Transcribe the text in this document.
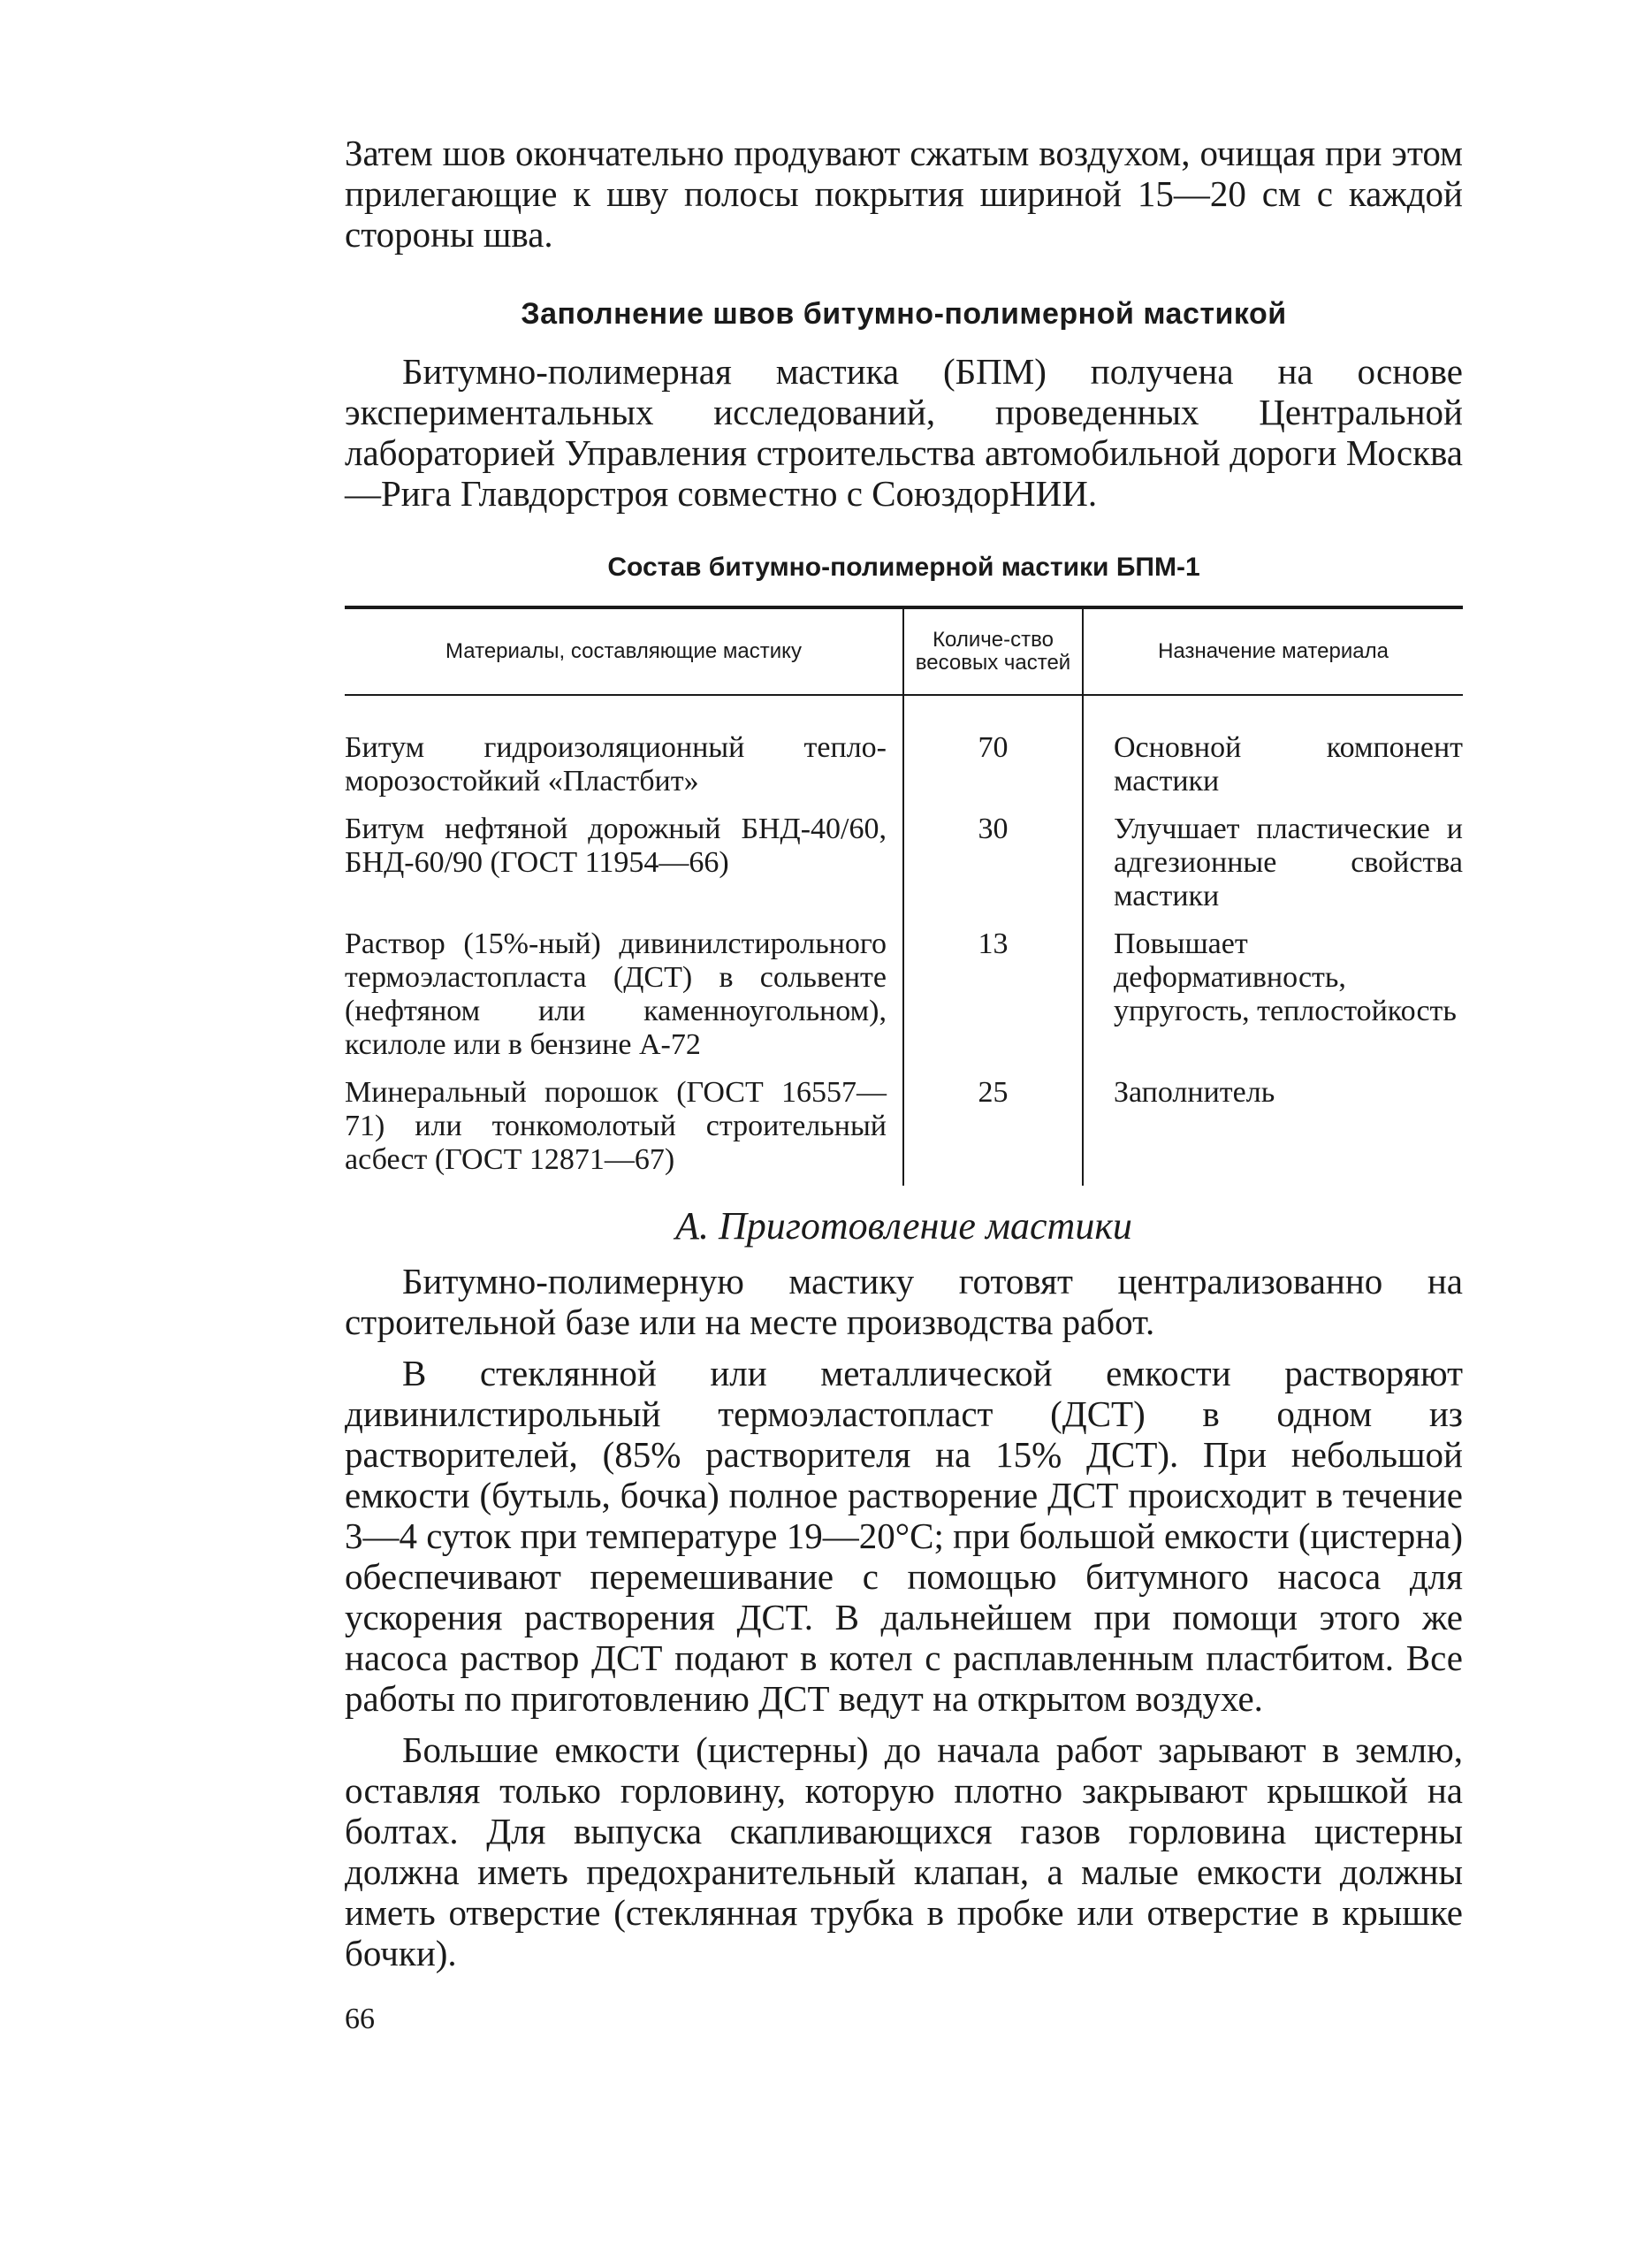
Затем шов окончательно продувают сжатым воздухом, очищая при этом прилегающие к шву полосы покрытия шириной 15—20 см с каждой стороны шва.

Заполнение швов битумно-полимерной мастикой

Битумно-полимерная мастика (БПМ) получена на основе экспериментальных исследований, проведенных Центральной лабораторией Управления строительства автомобильной дороги Москва—Рига Главдорстроя совместно с СоюздорНИИ.

Состав битумно-полимерной мастики БПМ-1
Материалы, составляющие мастику	Количе-ство весовых частей	Назначение материала
Битум гидроизоляционный тепло-морозостойкий «Пластбит»	70	Основной компонент мастики
Битум нефтяной дорожный БНД-40/60, БНД-60/90 (ГОСТ 11954—66)	30	Улучшает пластические и адгезионные свойства мастики
Раствор (15%-ный) дивинилстирольного термоэластопласта (ДСТ) в сольвенте (нефтяном или каменноугольном), ксилоле или в бензине А-72	13	Повышает деформативность, упругость, теплостойкость
Минеральный порошок (ГОСТ 16557—71) или тонкомолотый строительный асбест (ГОСТ 12871—67)	25	Заполнитель
А. Приготовление мастики

Битумно-полимерную мастику готовят централизованно на строительной базе или на месте производства работ.

В стеклянной или металлической емкости растворяют дивинилстирольный термоэластопласт (ДСТ) в одном из растворителей, (85% растворителя на 15% ДСТ). При небольшой емкости (бутыль, бочка) полное растворение ДСТ происходит в течение 3—4 суток при температуре 19—20°С; при большой емкости (цистерна) обеспечивают перемешивание с помощью битумного насоса для ускорения растворения ДСТ. В дальнейшем при помощи этого же насоса раствор ДСТ подают в котел с расплавленным пластбитом. Все работы по приготовлению ДСТ ведут на открытом воздухе.

Большие емкости (цистерны) до начала работ зарывают в землю, оставляя только горловину, которую плотно закрывают крышкой на болтах. Для выпуска скапливающихся газов горловина цистерны должна иметь предохранительный клапан, а малые емкости должны иметь отверстие (стеклянная трубка в пробке или отверстие в крышке бочки).

66
